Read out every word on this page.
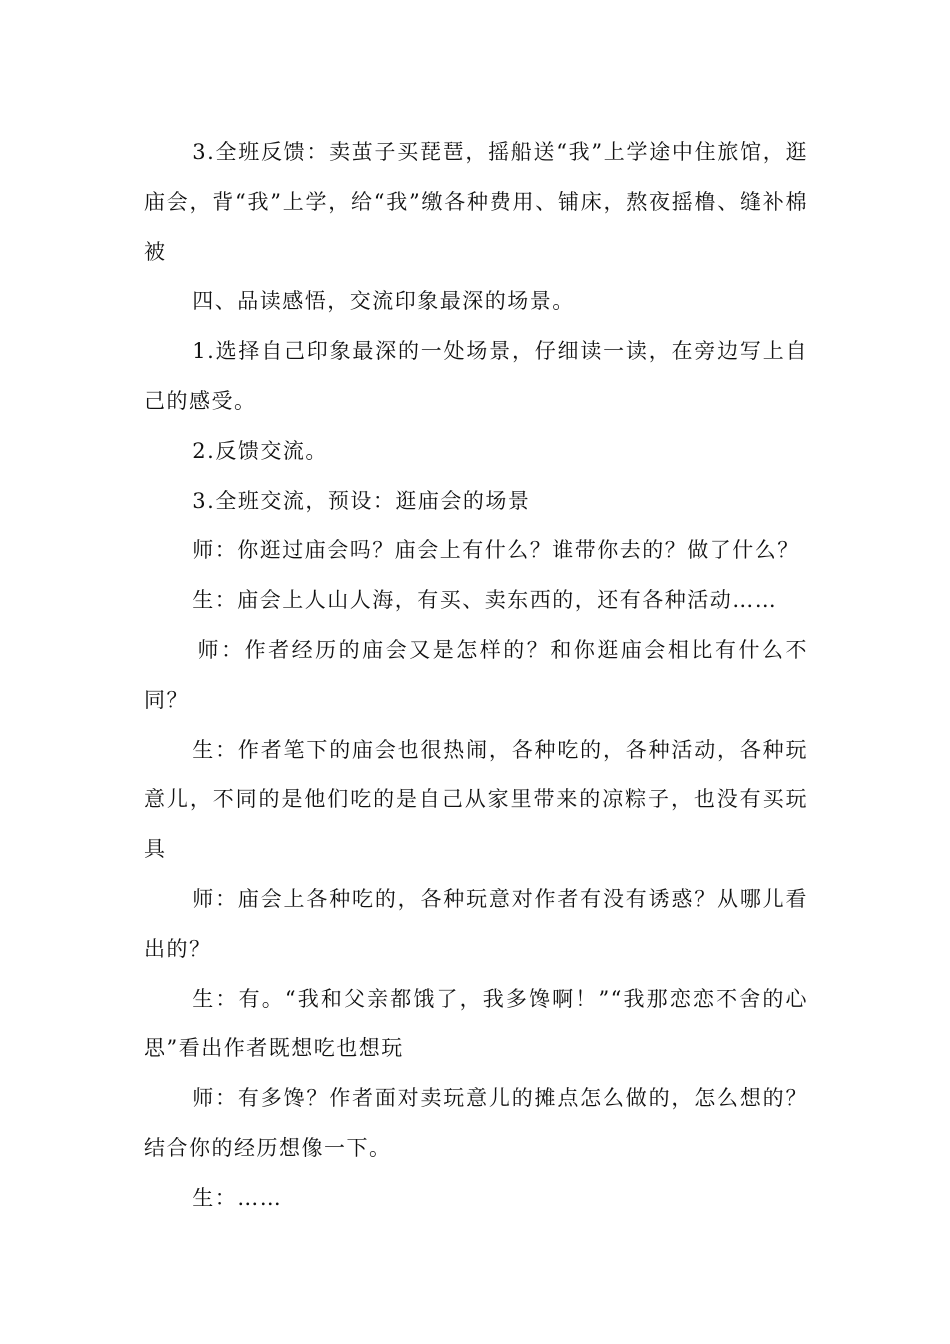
3.全班反馈：卖茧子买琵琶，摇船送“我”上学途中住旅馆，逛庙会，背“我”上学，给“我”缴各种费用、铺床，熬夜摇橹、缝补棉被

四、品读感悟，交流印象最深的场景。

1.选择自己印象最深的一处场景，仔细读一读，在旁边写上自己的感受。

2.反馈交流。

3.全班交流，预设：逛庙会的场景

师：你逛过庙会吗？庙会上有什么？谁带你去的？做了什么？

生：庙会上人山人海，有买、卖东西的，还有各种活动……

师：作者经历的庙会又是怎样的？和你逛庙会相比有什么不同？

生：作者笔下的庙会也很热闹，各种吃的，各种活动，各种玩意儿，不同的是他们吃的是自己从家里带来的凉粽子，也没有买玩具

师：庙会上各种吃的，各种玩意对作者有没有诱惑？从哪儿看出的？

生：有。“我和父亲都饿了，我多馋啊！”“我那恋恋不舍的心思”看出作者既想吃也想玩

师：有多馋？作者面对卖玩意儿的摊点怎么做的，怎么想的？结合你的经历想像一下。

生：……
